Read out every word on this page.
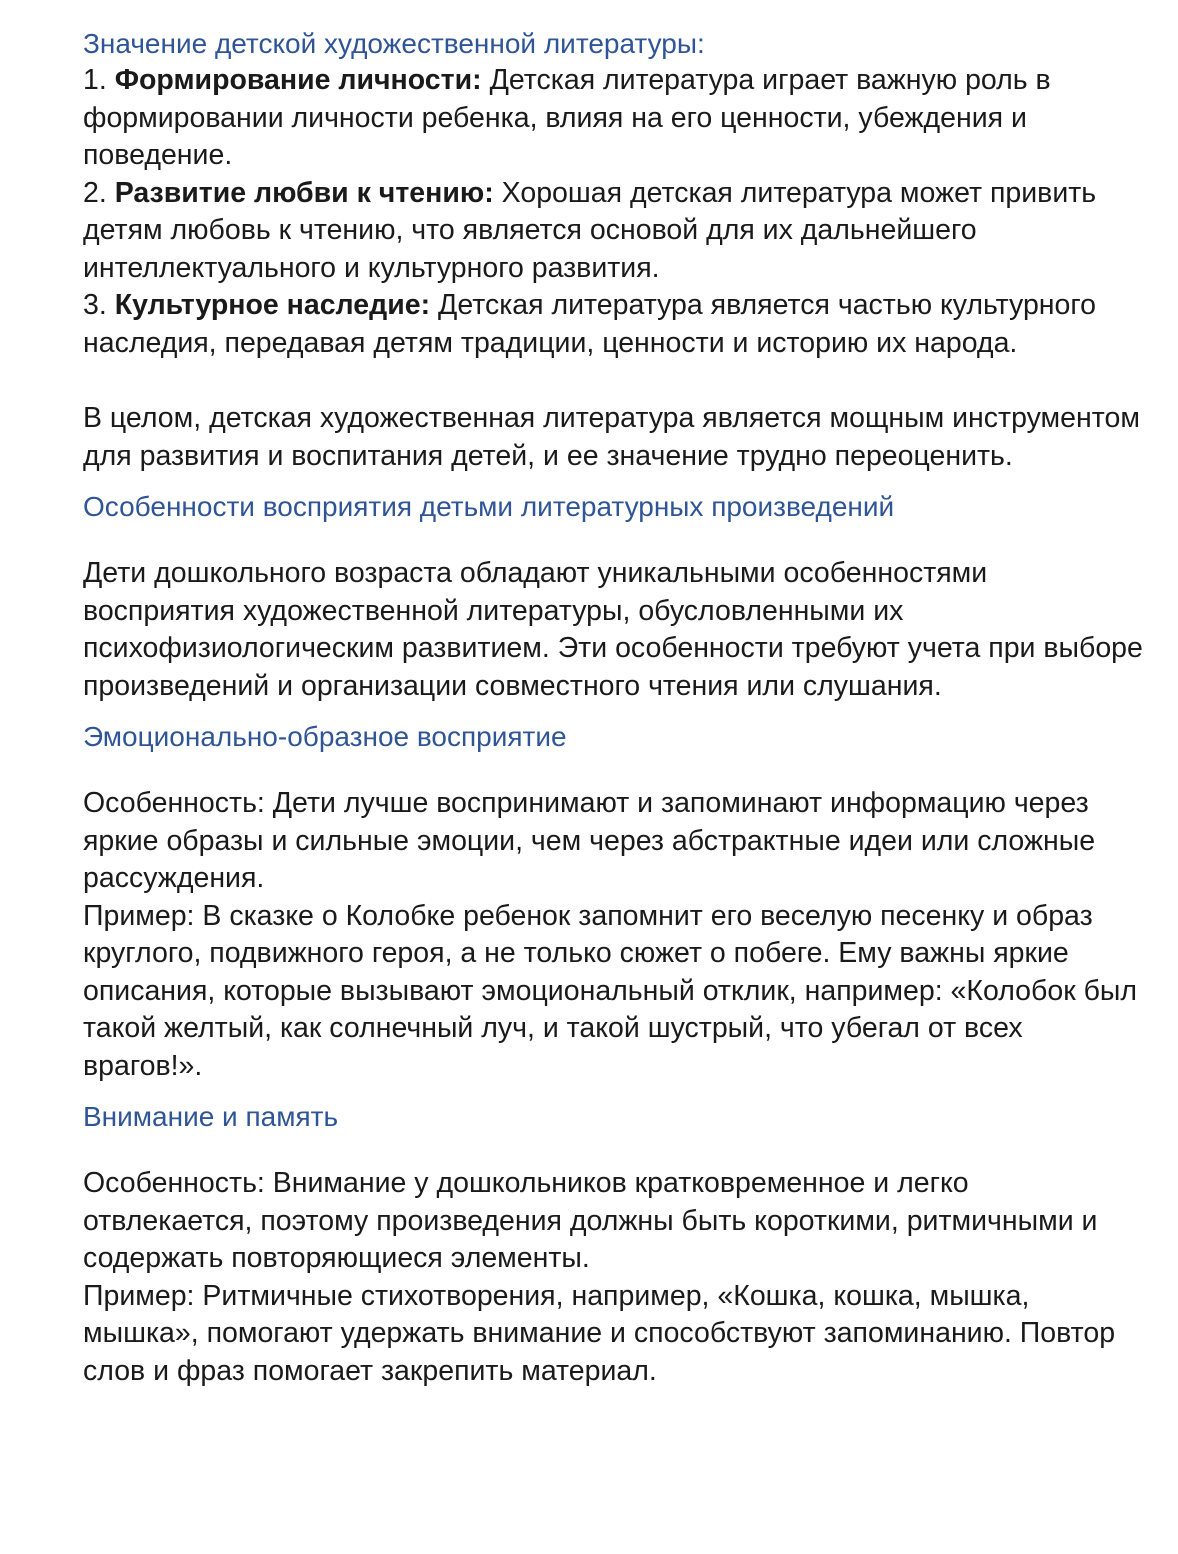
Значение детской художественной литературы:

1. Формирование личности: Детская литература играет важную роль в формировании личности ребенка, влияя на его ценности, убеждения и поведение.

2. Развитие любви к чтению: Хорошая детская литература может привить детям любовь к чтению, что является основой для их дальнейшего интеллектуального и культурного развития.

3. Культурное наследие: Детская литература является частью культурного наследия, передавая детям традиции, ценности и историю их народа.

В целом, детская художественная литература является мощным инструментом для развития и воспитания детей, и ее значение трудно переоценить.

Особенности восприятия детьми литературных произведений

Дети дошкольного возраста обладают уникальными особенностями восприятия художественной литературы, обусловленными их психофизиологическим развитием. Эти особенности требуют учета при выборе произведений и организации совместного чтения или слушания.

Эмоционально-образное восприятие

Особенность: Дети лучше воспринимают и запоминают информацию через яркие образы и сильные эмоции, чем через абстрактные идеи или сложные рассуждения.

Пример: В сказке о Колобке ребенок запомнит его веселую песенку и образ круглого, подвижного героя, а не только сюжет о побеге. Ему важны яркие описания, которые вызывают эмоциональный отклик, например: «Колобок был такой желтый, как солнечный луч, и такой шустрый, что убегал от всех врагов!».

Внимание и память

Особенность: Внимание у дошкольников кратковременное и легко отвлекается, поэтому произведения должны быть короткими, ритмичными и содержать повторяющиеся элементы.

Пример: Ритмичные стихотворения, например, «Кошка, кошка, мышка, мышка», помогают удержать внимание и способствуют запоминанию. Повтор слов и фраз помогает закрепить материал.
